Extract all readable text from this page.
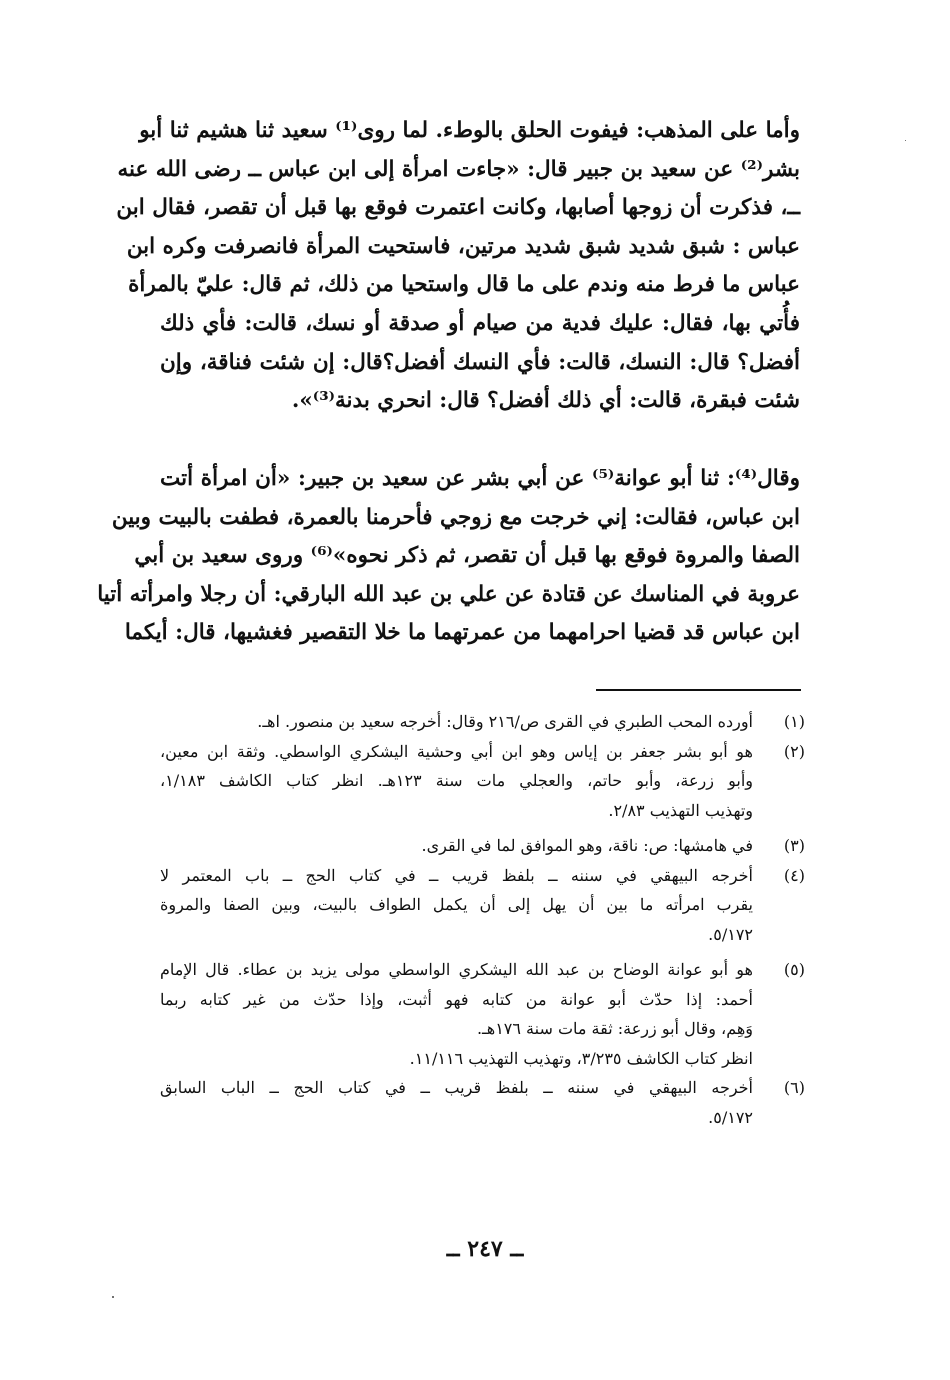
وأما على المذهب: فيفوت الحلق بالوطء. لما روى⁽¹⁾ سعيد ثنا هشيم ثنا أبو
بشر⁽²⁾ عن سعيد بن جبير قال: «جاءت امرأة إلى ابن عباس ــ رضى الله عنه
ــ، فذكرت أن زوجها أصابها، وكانت اعتمرت فوقع بها قبل أن تقصر، فقال ابن
عباس : شبق شديد شبق شديد مرتين، فاستحيت المرأة فانصرفت وكره ابن
عباس ما فرط منه وندم على ما قال واستحيا من ذلك، ثم قال: عليّ بالمرأة
فأُتي بها، فقال: عليك فدية من صيام أو صدقة أو نسك، قالت: فأي ذلك
أفضل؟ قال: النسك، قالت: فأي النسك أفضل؟قال: إن شئت فناقة، وإن
شئت فبقرة، قالت: أي ذلك أفضل؟ قال: انحري بدنة⁽³⁾».
وقال⁽⁴⁾: ثنا أبو عوانة⁽⁵⁾ عن أبي بشر عن سعيد بن جبير: «أن امرأة أتت
ابن عباس، فقالت: إني خرجت مع زوجي فأحرمنا بالعمرة، فطفت بالبيت وبين
الصفا والمروة فوقع بها قبل أن تقصر، ثم ذكر نحوه»⁽⁶⁾ وروى سعيد بن أبي
عروبة في المناسك عن قتادة عن علي بن عبد الله البارقي: أن رجلا وامرأته أتيا
ابن عباس قد قضيا احرامهما من عمرتهما ما خلا التقصير فغشيها، قال: أيكما
(١)
أورده المحب الطبري في القرى ص/٢١٦ وقال: أخرجه سعيد بن منصور. اهـ.
(٢)
هو أبو بشر جعفر بن إياس وهو ابن أبي وحشية اليشكري الواسطي. وثقة ابن معين،
وأبو زرعة، وأبو حاتم، والعجلي مات سنة ١٢٣هـ. انظر كتاب الكاشف ١/١٨٣،
وتهذيب التهذيب ٢/٨٣.
(٣)
في هامشها: ص: ناقة، وهو الموافق لما في القرى.
(٤)
أخرجه البيهقي في سننه ــ بلفظ قريب ــ في كتاب الحج ــ باب المعتمر لا
يقرب امرأته ما بين أن يهل إلى أن يكمل الطواف بالبيت، وبين الصفا والمروة
٥/١٧٢.
(٥)
هو أبو عوانة الوضاح بن عبد الله اليشكري الواسطي مولى يزيد بن عطاء. قال الإمام
أحمد: إذا حدّث أبو عوانة من كتابه فهو أثبت، وإذا حدّث من غير كتابه ربما
وَهِم، وقال أبو زرعة: ثقة مات سنة ١٧٦هـ.
انظر كتاب الكاشف ٣/٢٣٥، وتهذيب التهذيب ١١/١١٦.
(٦)
أخرجه البيهقي في سننه ــ بلفظ قريب ــ في كتاب الحج ــ الباب السابق
٥/١٧٢.
ــ ٢٤٧ ــ
